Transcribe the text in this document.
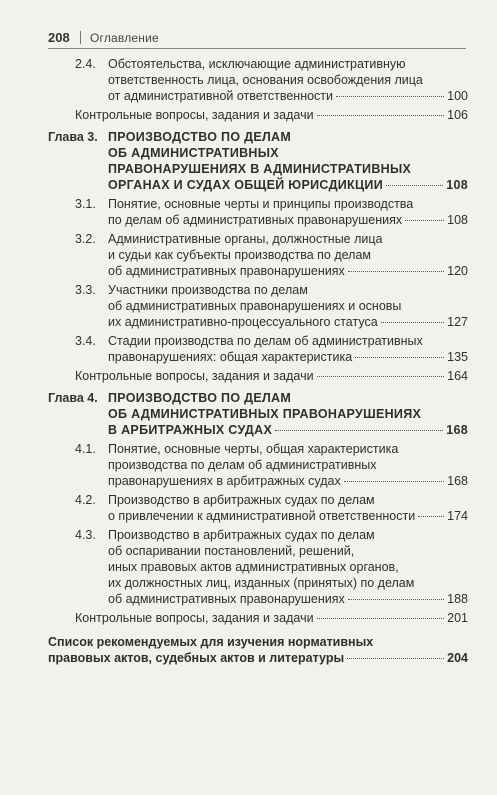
208 Оглавление
2.4. Обстоятельства, исключающие административную
ответственность лица, основания освобождения лица
от административной ответственности	100
Контрольные вопросы, задания и задачи	106
Глава 3. ПРОИЗВОДСТВО ПО ДЕЛАМ
ОБ АДМИНИСТРАТИВНЫХ
ПРАВОНАРУШЕНИЯХ В АДМИНИСТРАТИВНЫХ
ОРГАНАХ И СУДАХ ОБЩЕЙ ЮРИСДИКЦИИ	108
3.1. Понятие, основные черты и принципы производства
по делам об административных правонарушениях	108
3.2. Административные органы, должностные лица
и судьи как субъекты производства по делам
об административных правонарушениях	120
3.3. Участники производства по делам
об административных правонарушениях и основы
их административно-процессуального статуса	127
3.4. Стадии производства по делам об административных
правонарушениях: общая характеристика	135
Контрольные вопросы, задания и задачи	164
Глава 4. ПРОИЗВОДСТВО ПО ДЕЛАМ
ОБ АДМИНИСТРАТИВНЫХ ПРАВОНАРУШЕНИЯХ
В АРБИТРАЖНЫХ СУДАХ	168
4.1. Понятие, основные черты, общая характеристика
производства по делам об административных
правонарушениях в арбитражных судах	168
4.2. Производство в арбитражных судах по делам
о привлечении к административной ответственности	174
4.3. Производство в арбитражных судах по делам
об оспаривании постановлений, решений,
иных правовых актов административных органов,
их должностных лиц, изданных (принятых) по делам
об административных правонарушениях	188
Контрольные вопросы, задания и задачи	201
Список рекомендуемых для изучения нормативных
правовых актов, судебных актов и литературы	204
